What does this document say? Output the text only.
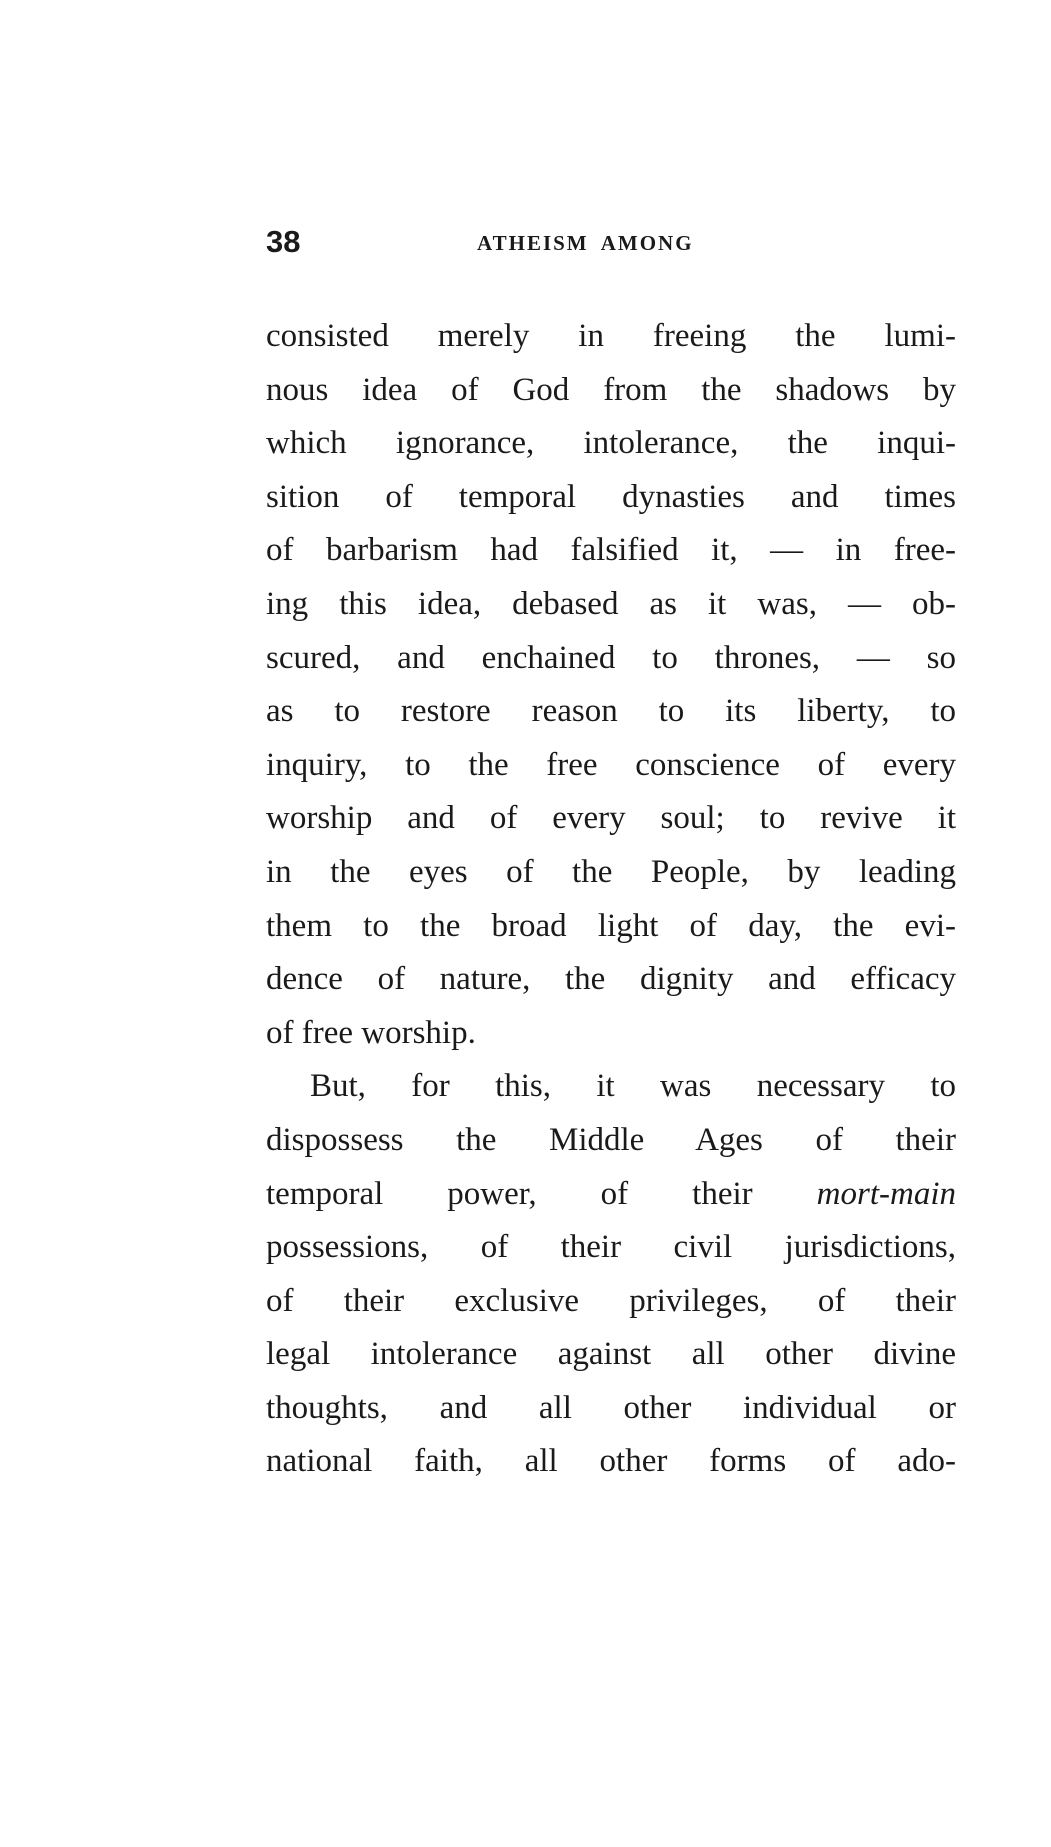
38	ATHEISM AMONG
consisted merely in freeing the lumi-
nous idea of God from the shadows by
which ignorance, intolerance, the inqui-
sition of temporal dynasties and times
of barbarism had falsified it, — in free-
ing this idea, debased as it was, — ob-
scured, and enchained to thrones, — so
as to restore reason to its liberty, to
inquiry, to the free conscience of every
worship and of every soul; to revive it
in the eyes of the People, by leading
them to the broad light of day, the evi-
dence of nature, the dignity and efficacy
of free worship.
But, for this, it was necessary to
dispossess the Middle Ages of their
temporal power, of their mort-main
possessions, of their civil jurisdictions,
of their exclusive privileges, of their
legal intolerance against all other divine
thoughts, and all other individual or
national faith, all other forms of ado-
